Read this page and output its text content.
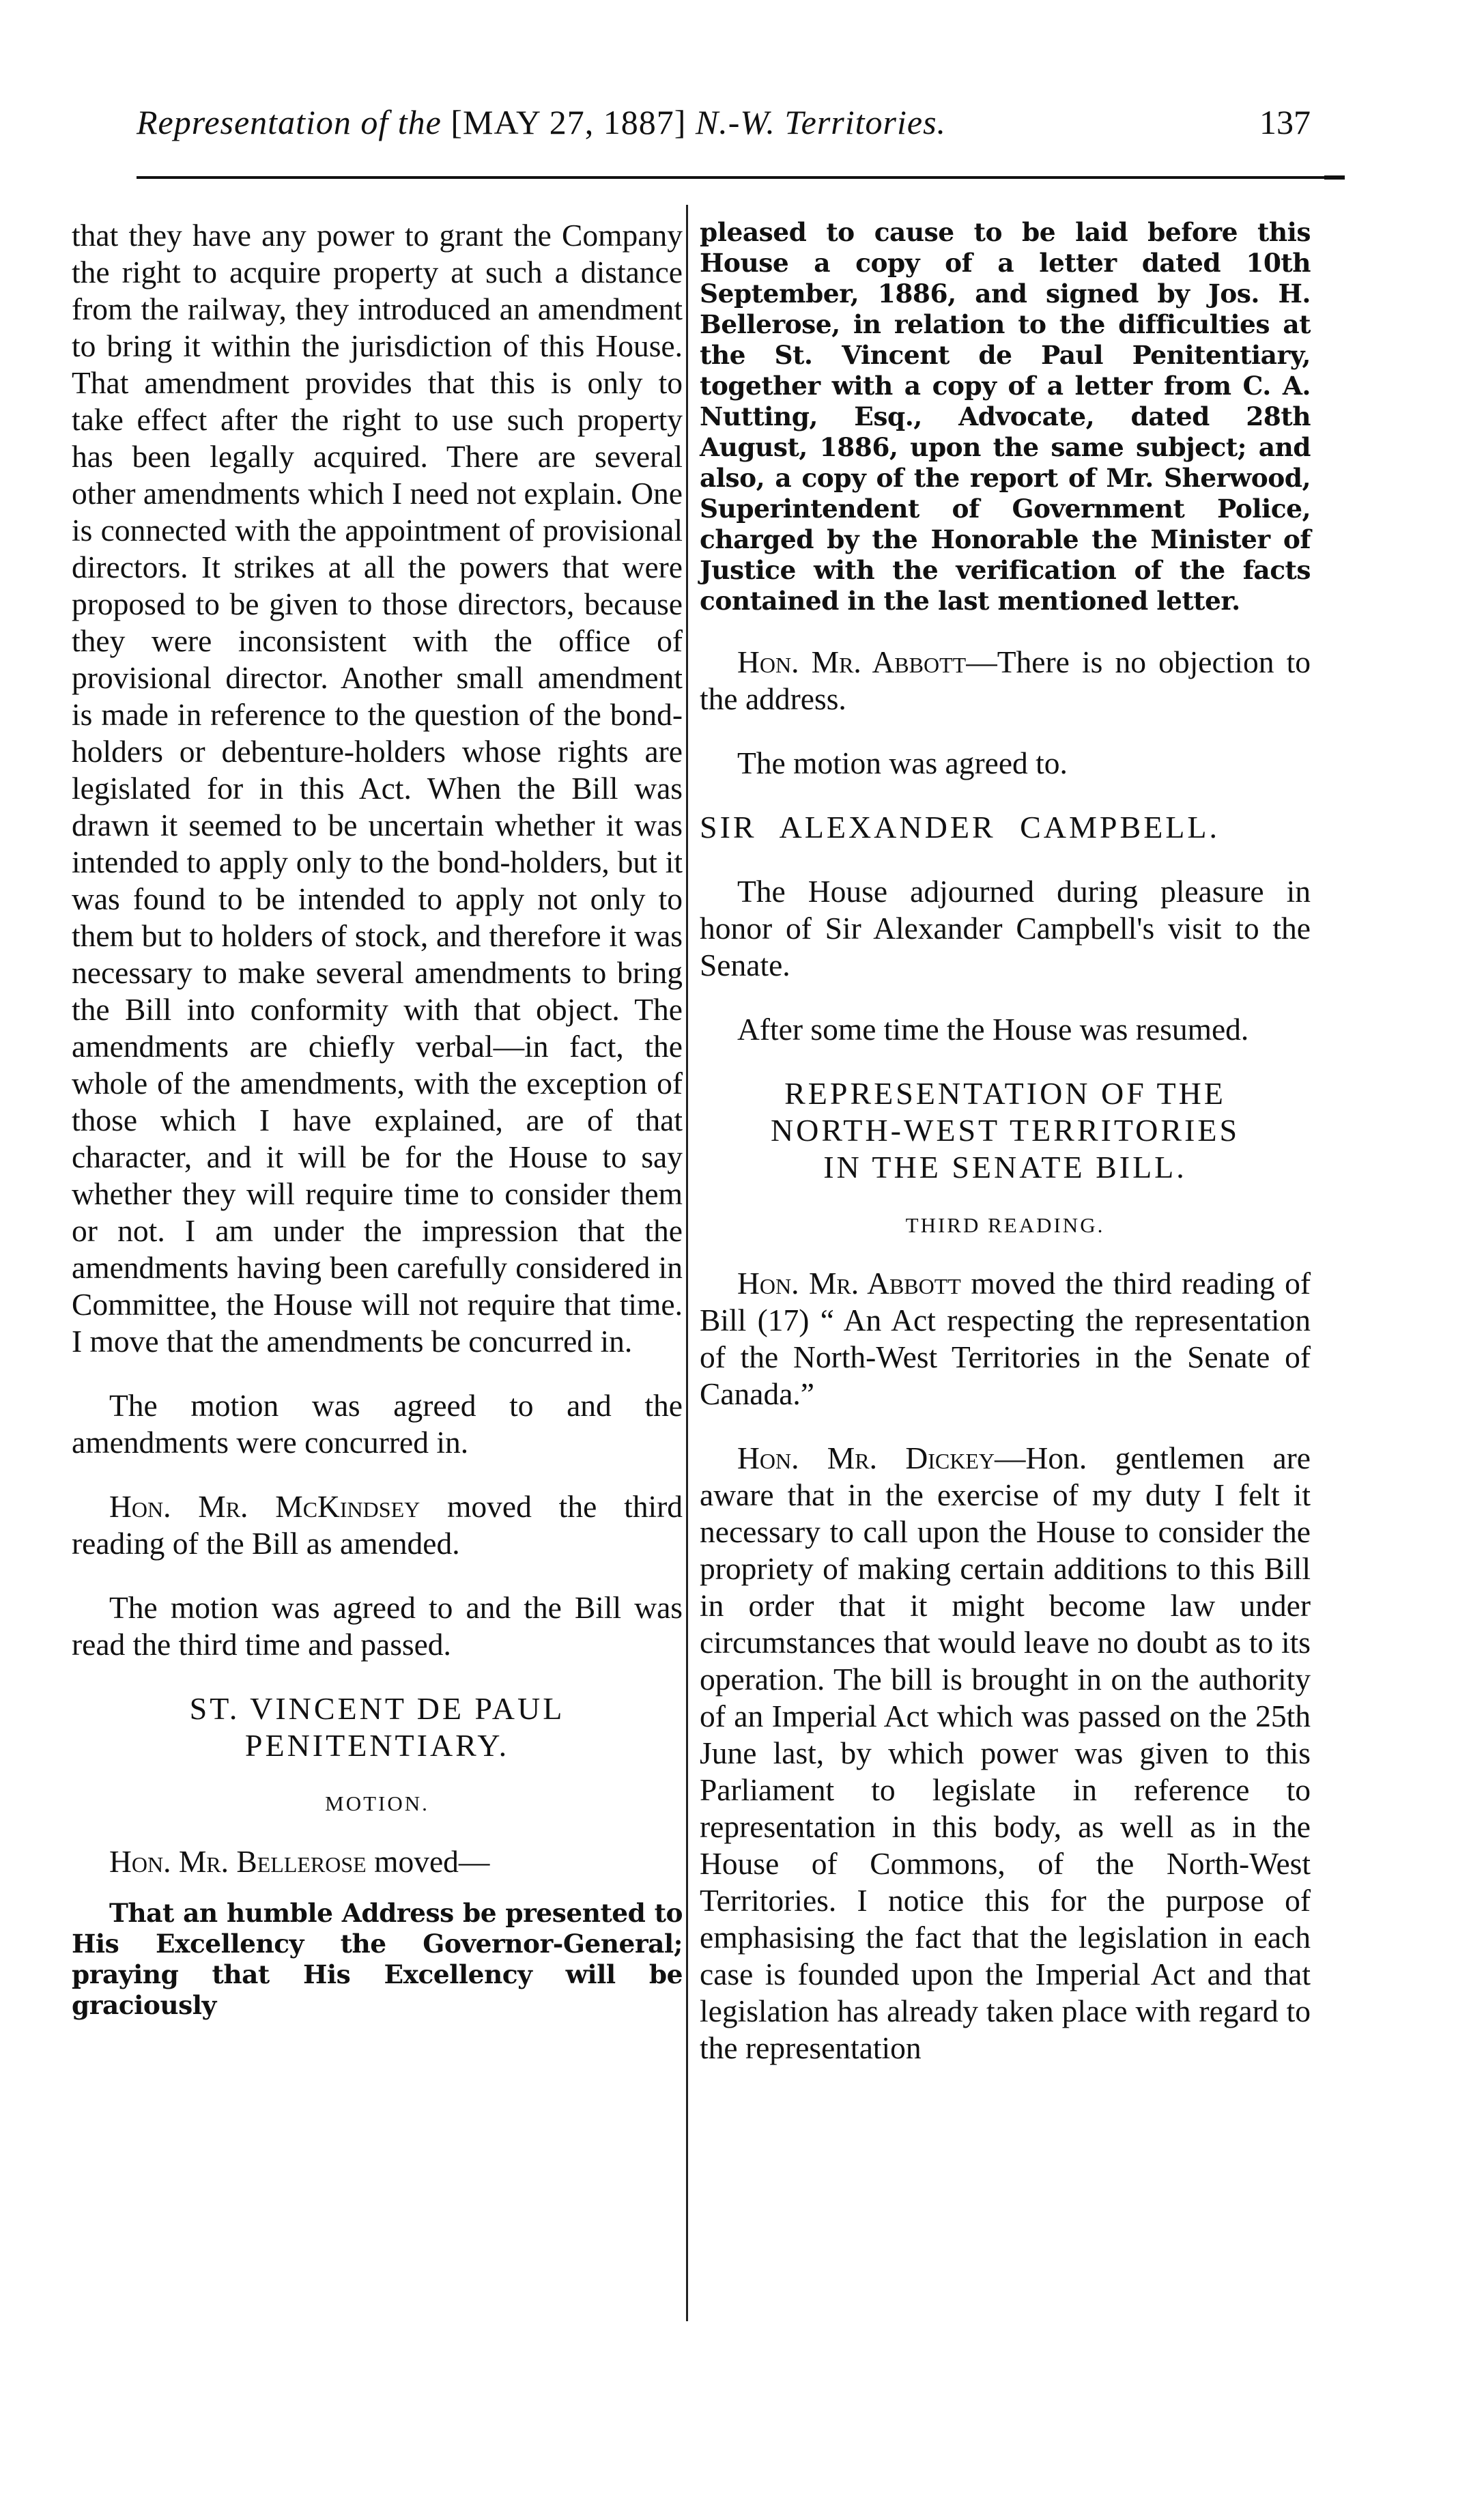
Representation of the [MAY 27, 1887] N.-W. Territories.	137

that they have any power to grant the Company the right to acquire property at such a distance from the railway, they introduced an amendment to bring it within the jurisdiction of this House. That amendment provides that this is only to take effect after the right to use such property has been legally acquired. There are several other amendments which I need not explain. One is connected with the appointment of provisional directors. It strikes at all the powers that were proposed to be given to those directors, because they were inconsistent with the office of provisional director. Another small amendment is made in reference to the question of the bond-holders or debenture-holders whose rights are legislated for in this Act. When the Bill was drawn it seemed to be uncertain whether it was intended to apply only to the bond-holders, but it was found to be intended to apply not only to them but to holders of stock, and therefore it was necessary to make several amendments to bring the Bill into conformity with that object. The amendments are chiefly verbal—in fact, the whole of the amendments, with the exception of those which I have explained, are of that character, and it will be for the House to say whether they will require time to consider them or not. I am under the impression that the amendments having been carefully considered in Committee, the House will not require that time. I move that the amendments be concurred in.

The motion was agreed to and the amendments were concurred in.

Hon. Mr. McKindsey moved the third reading of the Bill as amended.

The motion was agreed to and the Bill was read the third time and passed.

ST. VINCENT DE PAUL PENITENTIARY.

MOTION.

Hon. Mr. Bellerose moved—

That an humble Address be presented to His Excellency the Governor-General; praying that His Excellency will be graciously

pleased to cause to be laid before this House a copy of a letter dated 10th September, 1886, and signed by Jos. H. Bellerose, in relation to the difficulties at the St. Vincent de Paul Penitentiary, together with a copy of a letter from C. A. Nutting, Esq., Advocate, dated 28th August, 1886, upon the same subject; and also, a copy of the report of Mr. Sherwood, Superintendent of Government Police, charged by the Honorable the Minister of Justice with the verification of the facts contained in the last mentioned letter.

Hon. Mr. Abbott—There is no objection to the address.

The motion was agreed to.

SIR ALEXANDER CAMPBELL.

The House adjourned during pleasure in honor of Sir Alexander Campbell's visit to the Senate.

After some time the House was resumed.

REPRESENTATION OF THE NORTH-WEST TERRITORIES IN THE SENATE BILL.

THIRD READING.

Hon. Mr. Abbott moved the third reading of Bill (17) “ An Act respecting the representation of the North-West Territories in the Senate of Canada.”

Hon. Mr. Dickey—Hon. gentlemen are aware that in the exercise of my duty I felt it necessary to call upon the House to consider the propriety of making certain additions to this Bill in order that it might become law under circumstances that would leave no doubt as to its operation. The bill is brought in on the authority of an Imperial Act which was passed on the 25th June last, by which power was given to this Parliament to legislate in reference to representation in this body, as well as in the House of Commons, of the North-West Territories. I notice this for the purpose of emphasising the fact that the legislation in each case is founded upon the Imperial Act and that legislation has already taken place with regard to the representation
